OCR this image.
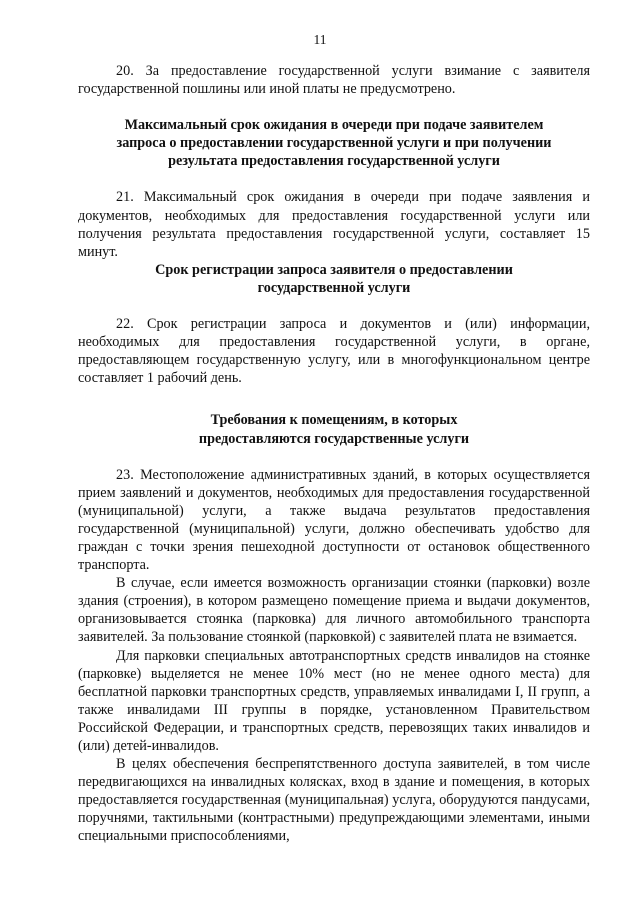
11

20. За предоставление государственной услуги взимание с заявителя государственной пошлины или иной платы не предусмотрено.

Максимальный срок ожидания в очереди при подаче заявителем запроса о предоставлении государственной услуги и при получении результата предоставления государственной услуги

21. Максимальный срок ожидания в очереди при подаче заявления и документов, необходимых для предоставления государственной услуги или получения результата предоставления государственной услуги, составляет 15 минут.

Срок регистрации запроса заявителя о предоставлении государственной услуги

22. Срок регистрации запроса и документов и (или) информации, необходимых для предоставления государственной услуги, в органе, предоставляющем государственную услугу, или в многофункциональном центре составляет 1 рабочий день.

Требования к помещениям, в которых предоставляются государственные услуги

23. Местоположение административных зданий, в которых осуществляется прием заявлений и документов, необходимых для предоставления государственной (муниципальной) услуги, а также выдача результатов предоставления государственной (муниципальной) услуги, должно обеспечивать удобство для граждан с точки зрения пешеходной доступности от остановок общественного транспорта.

В случае, если имеется возможность организации стоянки (парковки) возле здания (строения), в котором размещено помещение приема и выдачи документов, организовывается стоянка (парковка) для личного автомобильного транспорта заявителей. За пользование стоянкой (парковкой) с заявителей плата не взимается.

Для парковки специальных автотранспортных средств инвалидов на стоянке (парковке) выделяется не менее 10% мест (но не менее одного места) для бесплатной парковки транспортных средств, управляемых инвалидами I, II групп, а также инвалидами III группы в порядке, установленном Правительством Российской Федерации, и транспортных средств, перевозящих таких инвалидов и (или) детей-инвалидов.

В целях обеспечения беспрепятственного доступа заявителей, в том числе передвигающихся на инвалидных колясках, вход в здание и помещения, в которых предоставляется государственная (муниципальная) услуга, оборудуются пандусами, поручнями, тактильными (контрастными) предупреждающими элементами, иными специальными приспособлениями,
